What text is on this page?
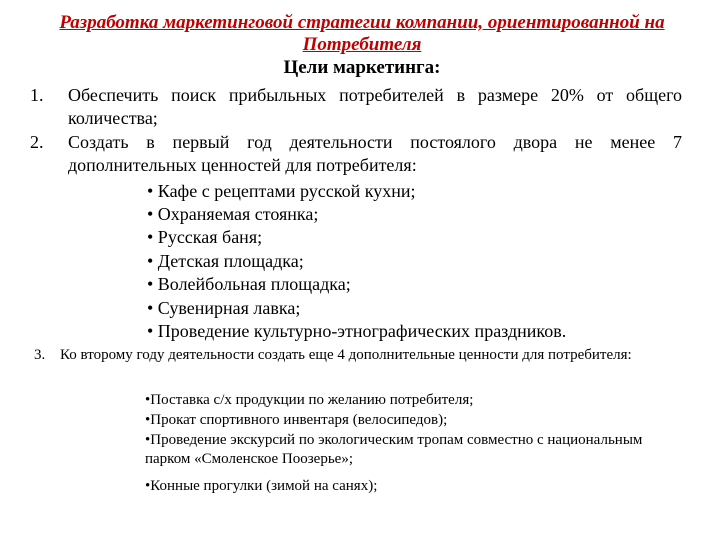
Разработка маркетинговой стратегии компании, ориентированной на Потребителя
Цели маркетинга:
1. Обеспечить поиск прибыльных потребителей в размере 20% от общего количества;
2. Создать в первый год деятельности постоялого двора не менее 7 дополнительных ценностей для потребителя:
• Кафе с рецептами русской кухни;
• Охраняемая стоянка;
• Русская баня;
• Детская площадка;
• Волейбольная площадка;
• Сувенирная лавка;
• Проведение культурно-этнографических праздников.
3. Ко второму году деятельности создать еще 4 дополнительные ценности для потребителя:
•Поставка с/х продукции по желанию потребителя;
•Прокат спортивного инвентаря (велосипедов);
•Проведение экскурсий по экологическим тропам совместно с национальным парком «Смоленское Поозерье»;
•Конные прогулки (зимой на санях);
